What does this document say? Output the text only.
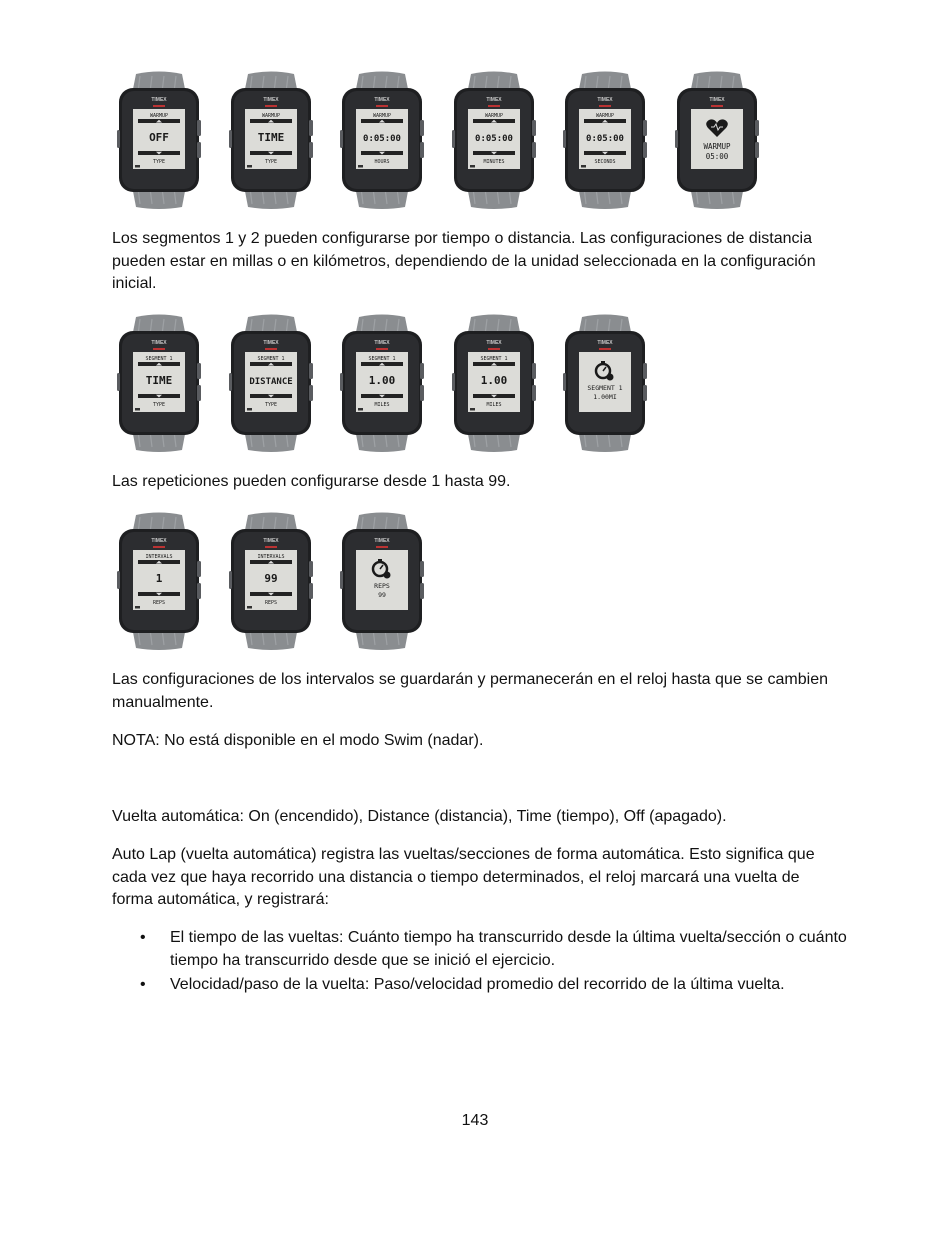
TIMEX
WARMUP
OFF
TYPE
TIMEX
WARMUP
TIME
TYPE
TIMEX
WARMUP
0:05:00
HOURS
TIMEX
WARMUP
0:05:00
MINUTES
TIMEX
WARMUP
0:05:00
SECONDS
TIMEX
WARMUP
05:00

Los segmentos 1 y 2 pueden configurarse por tiempo o distancia. Las configuraciones de distancia pueden estar en millas o en kilómetros, dependiendo de la unidad seleccionada en la configuración inicial.

TIMEX
SEGMENT 1
TIME
TYPE
TIMEX
SEGMENT 1
DISTANCE
TYPE
TIMEX
SEGMENT 1
1.00
MILES
TIMEX
SEGMENT 1
1.00
MILES
TIMEX
SEGMENT 1
1.00MI

Las repeticiones pueden configurarse desde 1 hasta 99.

TIMEX
INTERVALS
1
REPS
TIMEX
INTERVALS
99
REPS
TIMEX
REPS
99

Las configuraciones de los intervalos se guardarán y permanecerán en el reloj hasta que se cambien manualmente.

NOTA: No está disponible en el modo Swim (nadar).

Vuelta automática: On (encendido), Distance (distancia), Time (tiempo), Off (apagado).

Auto Lap (vuelta automática) registra las vueltas/secciones de forma automática. Esto significa que cada vez que haya recorrido una distancia o tiempo determinados, el reloj marcará una vuelta de forma automática, y registrará:

• El tiempo de las vueltas: Cuánto tiempo ha transcurrido desde la última vuelta/sección o cuánto tiempo ha transcurrido desde que se inició el ejercicio.
• Velocidad/paso de la vuelta: Paso/velocidad promedio del recorrido de la última vuelta.
143
